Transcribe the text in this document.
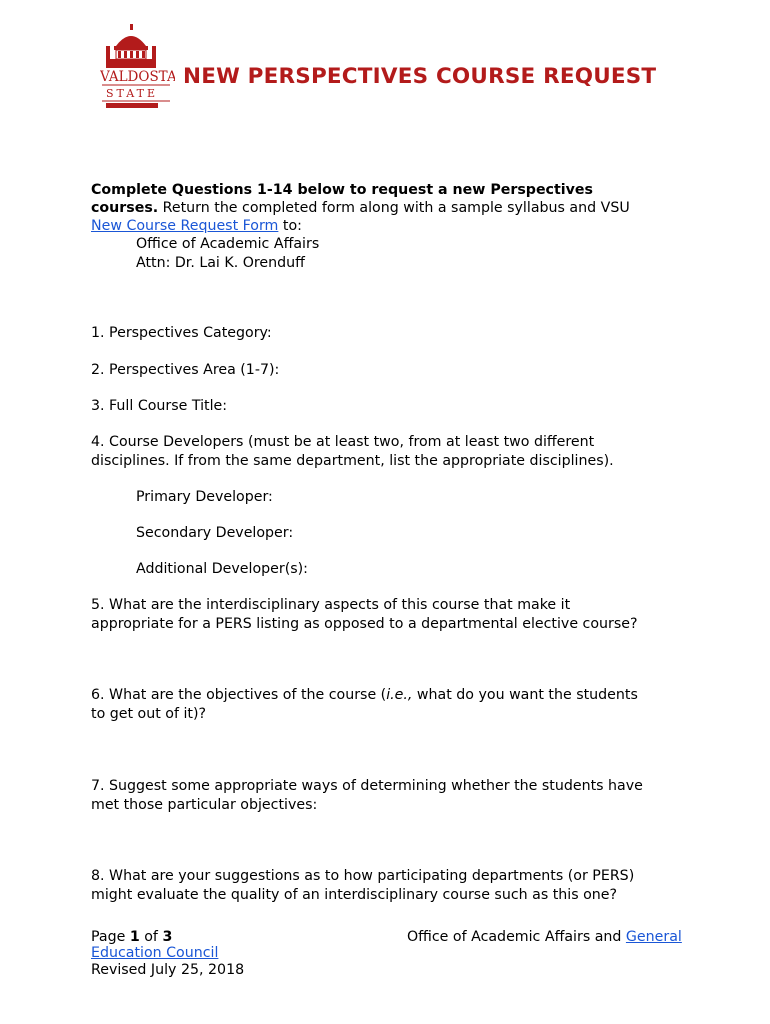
VALDOSTA
STATE
NEW PERSPECTIVES COURSE REQUEST
Complete Questions 1-14 below to request a new Perspectives
courses. Return the completed form along with a sample syllabus and VSU
New Course Request Form to:
Office of Academic Affairs
Attn: Dr. Lai K. Orenduff
1. Perspectives Category:
2. Perspectives Area (1-7):
3. Full Course Title:
4. Course Developers (must be at least two, from at least two different
disciplines. If from the same department, list the appropriate disciplines).
Primary Developer:
Secondary Developer:
Additional Developer(s):
5. What are the interdisciplinary aspects of this course that make it
appropriate for a PERS listing as opposed to a departmental elective course?
6. What are the objectives of the course (i.e., what do you want the students
to get out of it)?
7. Suggest some appropriate ways of determining whether the students have
met those particular objectives:
8. What are your suggestions as to how participating departments (or PERS)
might evaluate the quality of an interdisciplinary course such as this one?
Page 1 of 3	Office of Academic Affairs and General
Education Council
Revised July 25, 2018
